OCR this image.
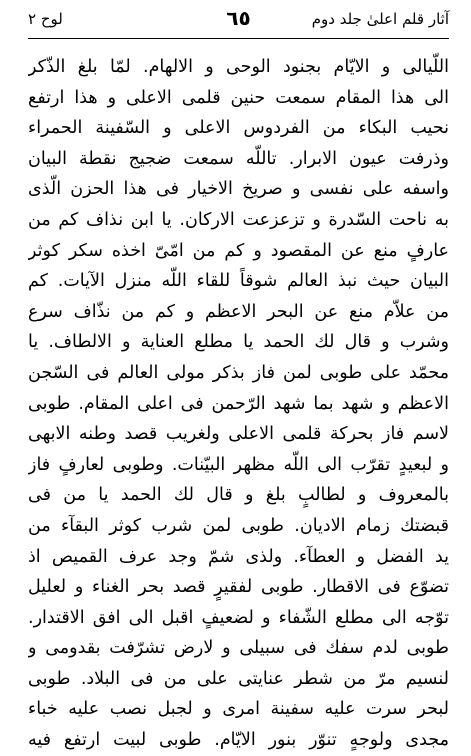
آثار قلم اعلیٰ جلد دوم
٦٥
لوح ۲
اللّيالى و الايّام بجنود الوحى و الالهام. لمّا بلغ الذّكر
الى هذا المقام سمعت حنين قلمى الاعلى و هذا ارتفع
نحيب البكاء من الفردوس الاعلى و السّفينة الحمراء
وذرفت عيون الابرار. تاللّه سمعت ضجيج نقطة البيان
واسفه على نفسى و صريخ الاخيار فى هذا الحزن الّذى
به ناحت السّدرة و تزعزعت الاركان. يا ابن نذاف كم من
عارفٍ منع عن المقصود و كم من امّىّ اخذه سكر كوثر
البيان حيث نبذ العالم شوقاً للقاء اللّه منزل الآيات. كم
من علاّم منع عن البحر الاعظم و كم من نذّاف سرع
وشرب و قال لك الحمد يا مطلع العناية و الالطاف. يا
محمّد على طوبى لمن فاز بذكر مولى العالم فى السّجن
الاعظم و شهد بما شهد الرّحمن فى اعلى المقام. طوبى
لاسم فاز بحركة قلمى الاعلى ولغريب قصد وطنه الابهى
و لبعيدٍ تقرّب الى اللّه مظهر البيّنات. وطوبى لعارفٍ فاز
بالمعروف و لطالبٍ بلغ و قال لك الحمد يا من فى
قبضتك زمام الاديان. طوبى لمن شرب كوثر البقآء من
يد الفضل و العطآء. ولذى شمّ وجد عرف القميص اذ
تضوّع فى الاقطار. طوبى لفقيرٍ قصد بحر الغناء و لعليل
توّجه الى مطلع الشّفاء و لضعيفٍ اقبل الى افق الاقتدار.
طوبى لدم سفك فى سبيلى و لارض تشرّفت بقدومى و
لنسيم مرّ من شطر عنايتى على من فى البلاد. طوبى
لبحر سرت عليه سفينة امرى و لجبل نصب عليه خباء
مجدى ولوجهٍ تنوّر بنور الايّام. طوبى لبيت ارتفع فيه
